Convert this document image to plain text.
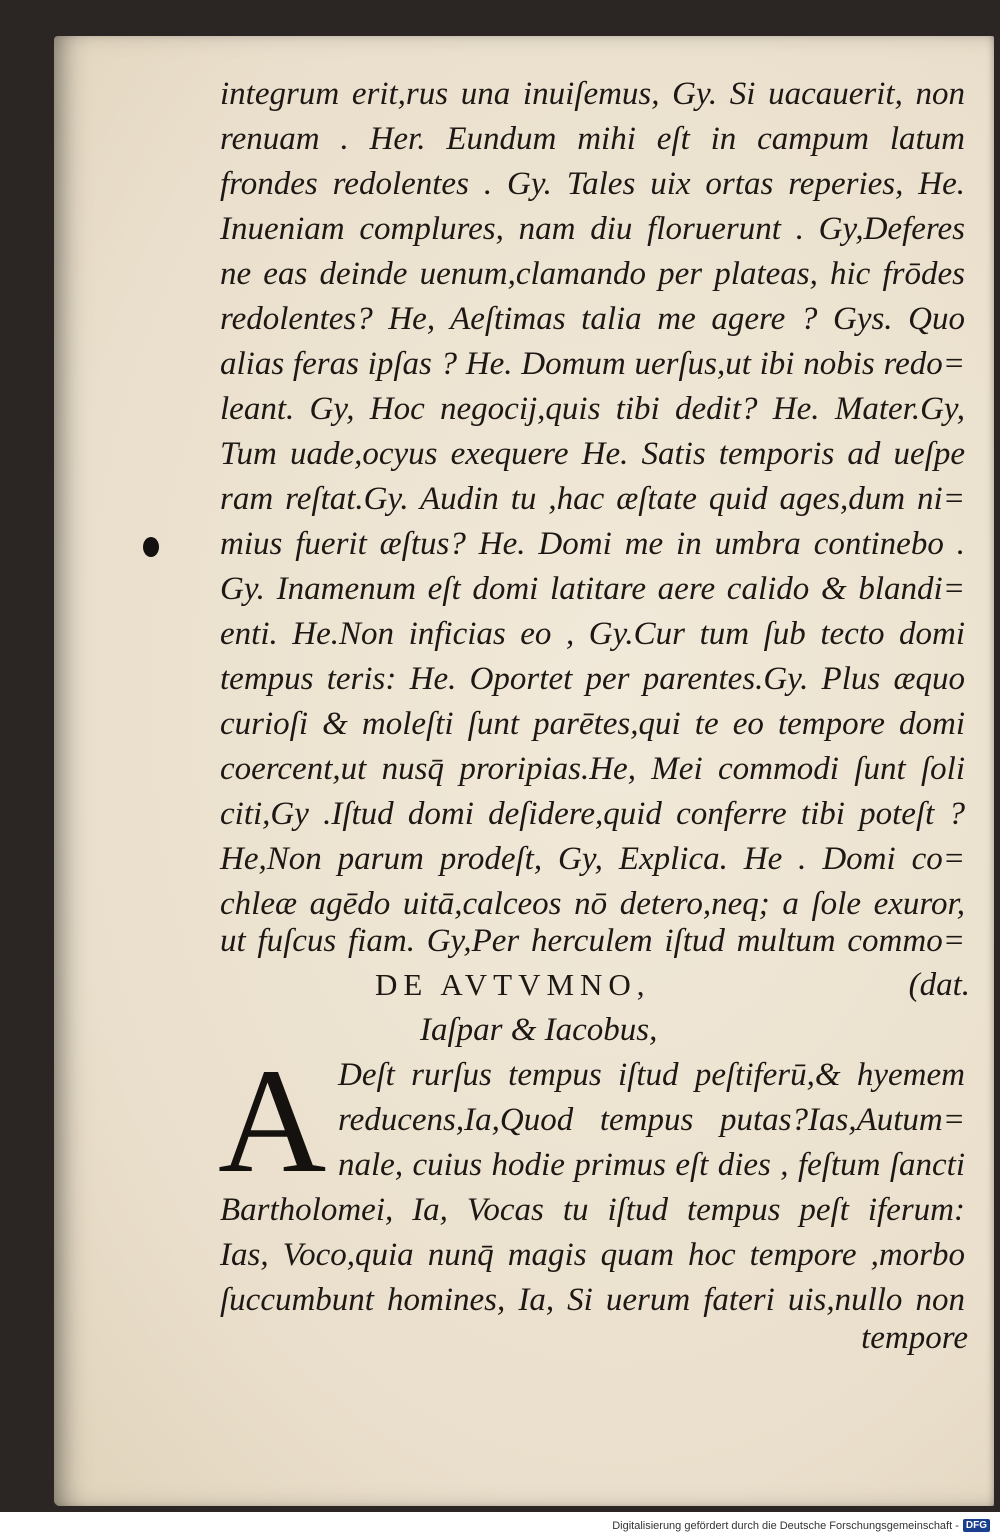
integrum erit,rus una inuiſemus, Gy. Si uacauerit, non
renuam . Her. Eundum mihi eſt in campum latum
frondes redolentes . Gy. Tales uix ortas reperies, He.
Inueniam complures, nam diu floruerunt . Gy,Deferes
ne eas deinde uenum,clamando per plateas, hic frōdes
redolentes? He, Aeſtimas talia me agere ? Gys. Quo
alias feras ipſas ? He. Domum uerſus,ut ibi nobis redo=
leant. Gy, Hoc negocij,quis tibi dedit? He. Mater.Gy,
Tum uade,ocyus exequere He. Satis temporis ad ueſpe
ram reſtat.Gy. Audin tu ,hac æſtate quid ages,dum ni=
mius fuerit æſtus? He. Domi me in umbra continebo .
Gy. Inamenum eſt domi latitare aere calido & blandi=
enti. He.Non inficias eo , Gy.Cur tum ſub tecto domi
tempus teris: He. Oportet per parentes.Gy. Plus æquo
curioſi & moleſti ſunt parētes,qui te eo tempore domi
coercent,ut nusq̄ proripias.He, Mei commodi ſunt ſoli
citi,Gy .Iſtud domi deſidere,quid conferre tibi poteſt ?
He,Non parum prodeſt, Gy, Explica. He . Domi co=
chleæ agēdo uitā,calceos nō detero,neq; a ſole exuror,
ut fuſcus fiam. Gy,Per herculem iſtud multum commo=
DE AVTVMNO,	(dat.
Iaſpar & Iacobus,
A Deſt rurſus tempus iſtud peſtiferū,& hyemem
reducens,Ia,Quod tempus putas?Ias,Autum=
nale, cuius hodie primus eſt dies , feſtum ſancti
Bartholomei, Ia, Vocas tu iſtud tempus peſt iferum:
Ias, Voco,quia nunq̄ magis quam hoc tempore ,morbo
ſuccumbunt homines, Ia, Si uerum fateri uis,nullo non
tempore
Digitalisierung gefördert durch die Deutsche Forschungsgemeinschaft - DFG
